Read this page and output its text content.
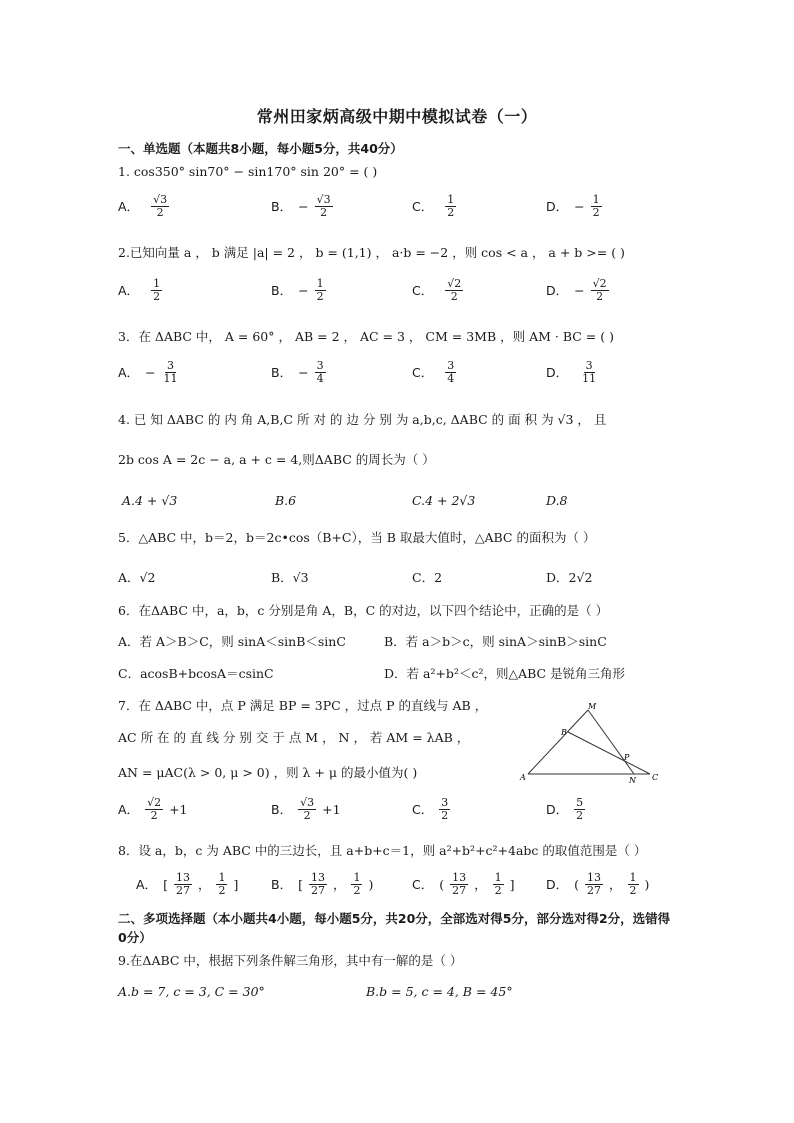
常州田家炳高级中期中模拟试卷（一）
一、单选题（本题共8小题，每小题5分，共40分）
1. cos350° sin70° − sin170° sin 20° = ( )
A． $\frac{√3}{2}$	B． − $\frac{√3}{2}$	C． $\frac{1}{2}$	D． − $\frac{1}{2}$
2.已知向量 a ， b 满足 |a| = 2 ， b = (1,1) ， a·b = −2 ，则 cos < a ， a + b >= ( )
A． $\frac{1}{2}$	B． − $\frac{1}{2}$	C． $\frac{√2}{2}$	D． − $\frac{√2}{2}$
3．在 ΔABC 中， A = 60° ， AB = 2 ， AC = 3 ， CM = 3MB ，则 AM · BC = ( )
A． − $\frac{3}{11}$	B． − $\frac{3}{4}$	C． $\frac{3}{4}$	D． $\frac{3}{11}$
4. 已 知 ΔABC 的 内 角 A,B,C 所 对 的 边 分 别 为 a,b,c, ΔABC 的 面 积 为 √3 ， 且
2b cos A = 2c − a, a + c = 4,则ΔABC 的周长为（ ）
A.4 + √3	B.6	C.4 + 2√3	D.8
5．△ABC 中，b＝2，b＝2c•cos（B+C），当 B 取最大值时，△ABC 的面积为（ ）
A．√2	B．√3	C．2	D．2√2
6．在ΔABC 中，a，b，c 分别是角 A，B，C 的对边，以下四个结论中，正确的是（ ）
A．若 A＞B＞C，则 sinA＜sinB＜sinC	B．若 a＞b＞c，则 sinA＞sinB＞sinC
C．acosB+bcosA＝csinC	D．若 a²+b²＜c²，则△ABC 是锐角三角形
7．在 ΔABC 中，点 P 满足 BP = 3PC ，过点 P 的直线与 AB ，
AC 所 在 的 直 线 分 别 交 于 点 M ， N ， 若 AM = λAB ，
AN = μAC(λ > 0, μ > 0) ，则 λ + μ 的最小值为( )	A
B
C
M
N
P
A． $\frac{√2}{2} +1$	B． $\frac{√3}{2} +1$	C． $\frac{3}{2}$	D． $\frac{5}{2}$
8．设 a，b，c 为 ABC 中的三边长，且 a+b+c＝1，则 a²+b²+c²+4abc 的取值范围是（ ）
A． [ $\frac{13}{27}$ ， $\frac{1}{2}$ ]	B． [ $\frac{13}{27}$ ， $\frac{1}{2}$ )	C． ( $\frac{13}{27}$ ， $\frac{1}{2}$ ]	D． ( $\frac{13}{27}$ ， $\frac{1}{2}$ )
二、多项选择题（本小题共4小题，每小题5分，共20分，全部选对得5分，部分选对得2分，选错得0分）
9.在ΔABC 中，根据下列条件解三角形，其中有一解的是（ ）
A.b = 7, c = 3, C = 30°	B.b = 5, c = 4, B = 45°
